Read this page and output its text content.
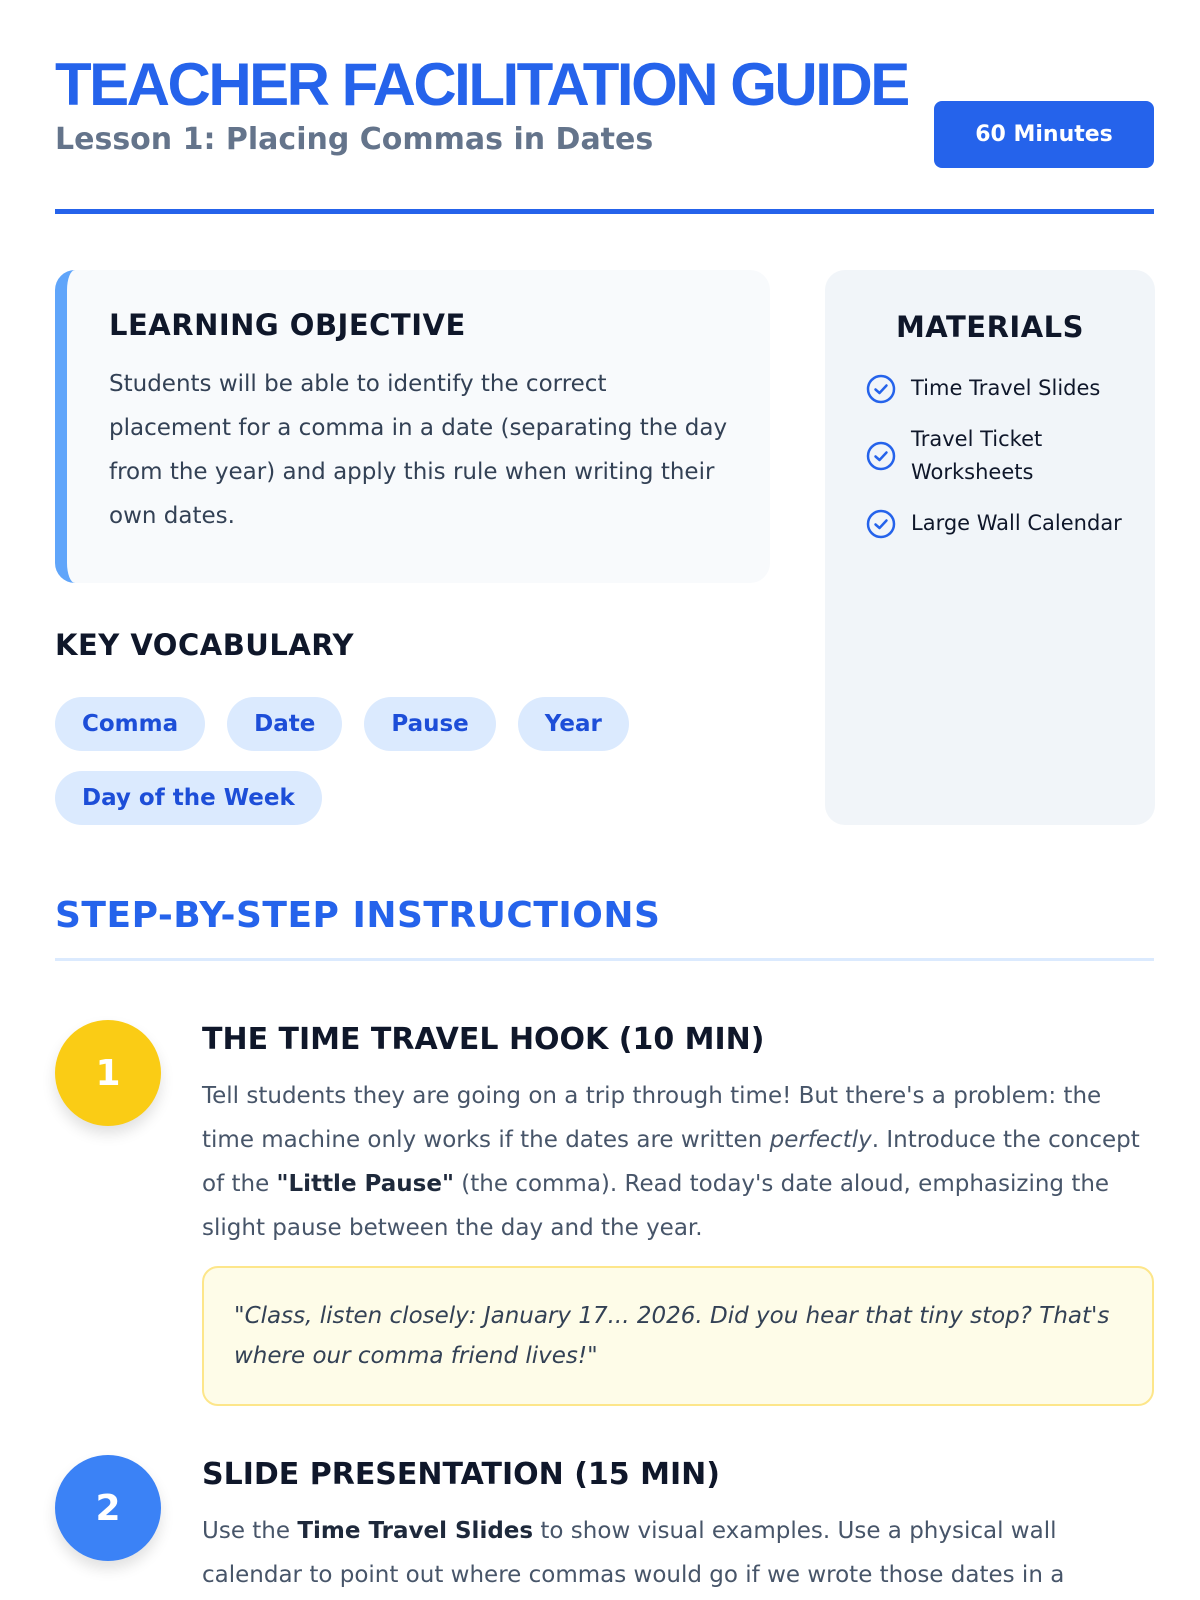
TEACHER FACILITATION GUIDE
Lesson 1: Placing Commas in Dates	60 Minutes
LEARNING OBJECTIVE

Students will be able to identify the correct placement for a comma in a date (separating the day from the year) and apply this rule when writing their own dates.

MATERIALS
Time Travel Slides
Travel Ticket Worksheets
Large Wall Calendar
KEY VOCABULARY
Comma	Date	Pause	Year
Day of the Week
STEP-BY-STEP INSTRUCTIONS
1
THE TIME TRAVEL HOOK (10 MIN)

Tell students they are going on a trip through time! But there's a problem: the time machine only works if the dates are written perfectly. Introduce the concept of the "Little Pause" (the comma). Read today's date aloud, emphasizing the slight pause between the day and the year.

"Class, listen closely: January 17... 2026. Did you hear that tiny stop? That's where our comma friend lives!"
2
SLIDE PRESENTATION (15 MIN)

Use the Time Travel Slides to show visual examples. Use a physical wall calendar to point out where commas would go if we wrote those dates in a
